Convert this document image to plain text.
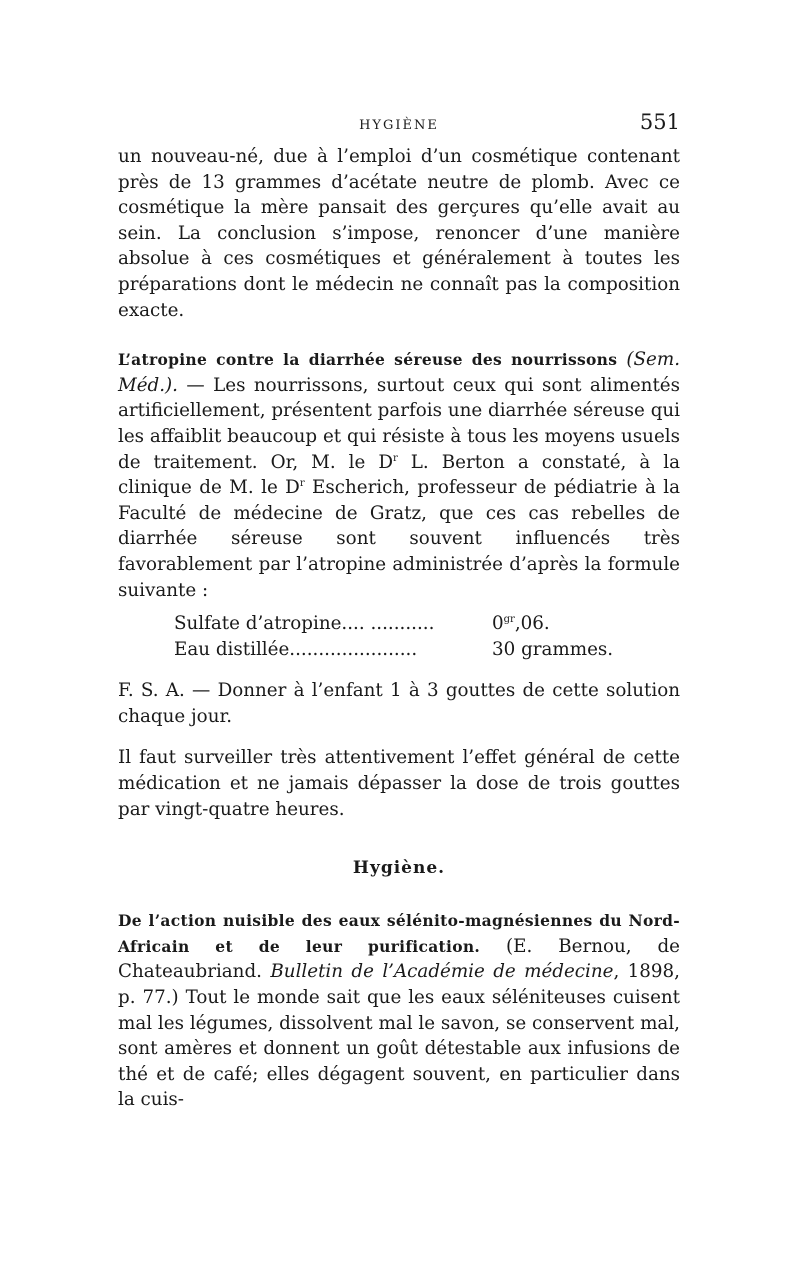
HYGIÈNE	551

un nouveau-né, due à l’emploi d’un cosmétique contenant près de 13 grammes d’acétate neutre de plomb. Avec ce cosmétique la mère pansait des gerçures qu’elle avait au sein. La conclusion s’impose, renoncer d’une manière absolue à ces cosmétiques et généralement à toutes les préparations dont le médecin ne connaît pas la composition exacte.

L’atropine contre la diarrhée séreuse des nourrissons (Sem. Méd.). — Les nourrissons, surtout ceux qui sont alimentés artificiellement, présentent parfois une diarrhée séreuse qui les affaiblit beaucoup et qui résiste à tous les moyens usuels de traitement. Or, M. le $D^r$ L. Berton a constaté, à la clinique de M. le $D^r$ Escherich, professeur de pédiatrie à la Faculté de médecine de Gratz, que ces cas rebelles de diarrhée séreuse sont souvent influencés très favorablement par l’atropine administrée d’après la formule suivante :

Sulfate d’atropine.... ...........	$0^{gr},06$.
Eau distillée......................	30 grammes.

F. S. A. — Donner à l’enfant 1 à 3 gouttes de cette solution chaque jour.

Il faut surveiller très attentivement l’effet général de cette médication et ne jamais dépasser la dose de trois gouttes par vingt-quatre heures.

Hygiène.

De l’action nuisible des eaux sélénito-magnésiennes du Nord-Africain et de leur purification. (E. Bernou, de Chateaubriand. Bulletin de l’Académie de médecine, 1898, p. 77.) Tout le monde sait que les eaux séléniteuses cuisent mal les légumes, dissolvent mal le savon, se conservent mal, sont amères et donnent un goût détestable aux infusions de thé et de café; elles dégagent souvent, en particulier dans la cuis-
